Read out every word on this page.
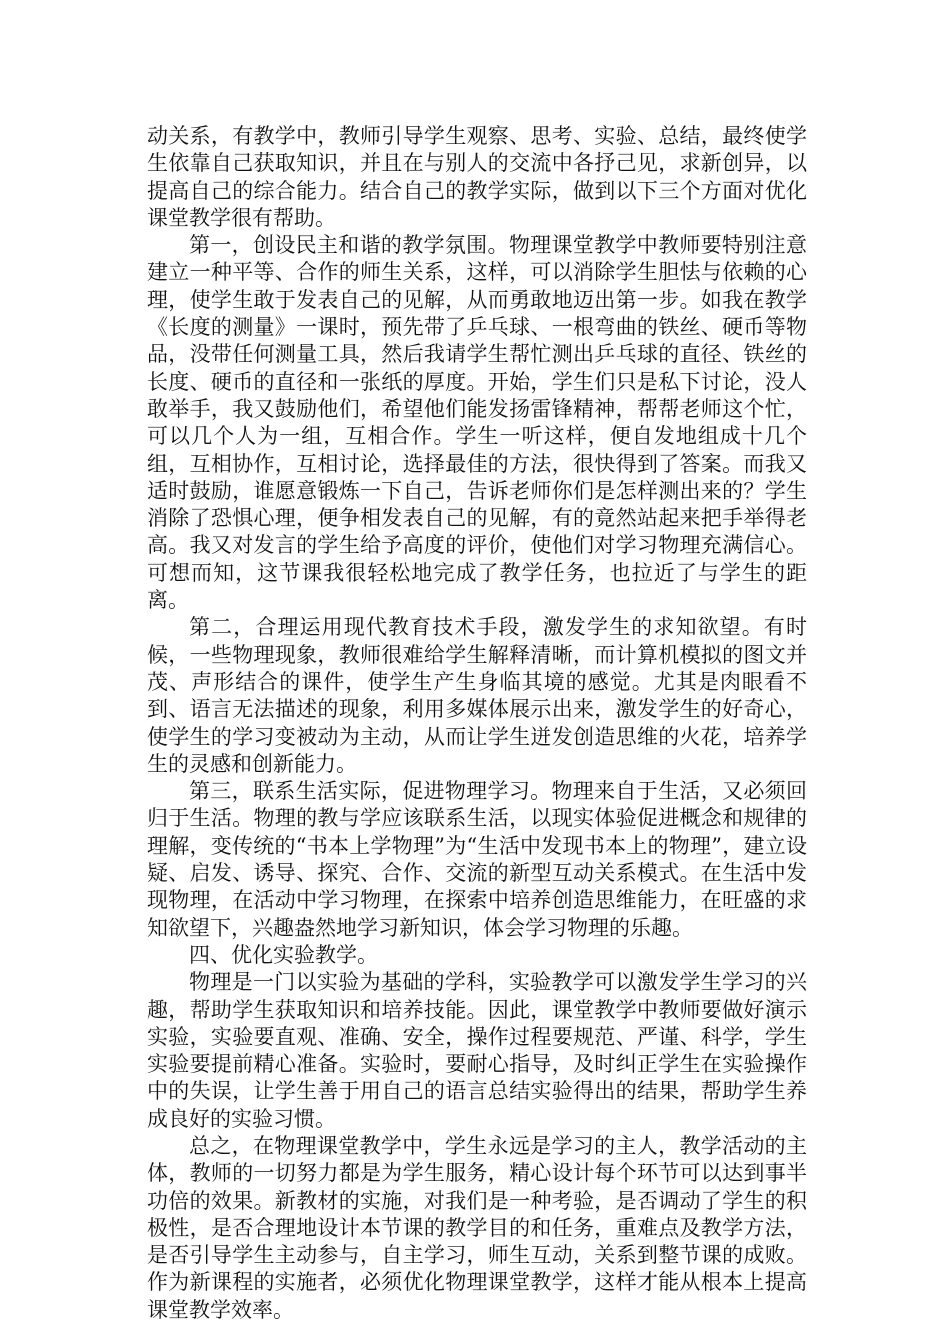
动关系，有教学中，教师引导学生观察、思考、实验、总结，最终使学生依靠自己获取知识，并且在与别人的交流中各抒己见，求新创异，以提高自己的综合能力。结合自己的教学实际，做到以下三个方面对优化课堂教学很有帮助。

第一，创设民主和谐的教学氛围。物理课堂教学中教师要特别注意建立一种平等、合作的师生关系，这样，可以消除学生胆怯与依赖的心理，使学生敢于发表自己的见解，从而勇敢地迈出第一步。如我在教学《长度的测量》一课时，预先带了乒乓球、一根弯曲的铁丝、硬币等物品，没带任何测量工具，然后我请学生帮忙测出乒乓球的直径、铁丝的长度、硬币的直径和一张纸的厚度。开始，学生们只是私下讨论，没人敢举手，我又鼓励他们，希望他们能发扬雷锋精神，帮帮老师这个忙，可以几个人为一组，互相合作。学生一听这样，便自发地组成十几个组，互相协作，互相讨论，选择最佳的方法，很快得到了答案。而我又适时鼓励，谁愿意锻炼一下自己，告诉老师你们是怎样测出来的？学生消除了恐惧心理，便争相发表自己的见解，有的竟然站起来把手举得老高。我又对发言的学生给予高度的评价，使他们对学习物理充满信心。可想而知，这节课我很轻松地完成了教学任务，也拉近了与学生的距离。

第二，合理运用现代教育技术手段，激发学生的求知欲望。有时候，一些物理现象，教师很难给学生解释清晰，而计算机模拟的图文并茂、声形结合的课件，使学生产生身临其境的感觉。尤其是肉眼看不到、语言无法描述的现象，利用多媒体展示出来，激发学生的好奇心，使学生的学习变被动为主动，从而让学生迸发创造思维的火花，培养学生的灵感和创新能力。

第三，联系生活实际，促进物理学习。物理来自于生活，又必须回归于生活。物理的教与学应该联系生活，以现实体验促进概念和规律的理解，变传统的“书本上学物理”为“生活中发现书本上的物理”，建立设疑、启发、诱导、探究、合作、交流的新型互动关系模式。在生活中发现物理，在活动中学习物理，在探索中培养创造思维能力，在旺盛的求知欲望下，兴趣盎然地学习新知识，体会学习物理的乐趣。

四、优化实验教学。

物理是一门以实验为基础的学科，实验教学可以激发学生学习的兴趣，帮助学生获取知识和培养技能。因此，课堂教学中教师要做好演示实验，实验要直观、准确、安全，操作过程要规范、严谨、科学，学生实验要提前精心准备。实验时，要耐心指导，及时纠正学生在实验操作中的失误，让学生善于用自己的语言总结实验得出的结果，帮助学生养成良好的实验习惯。

总之，在物理课堂教学中，学生永远是学习的主人，教学活动的主体，教师的一切努力都是为学生服务，精心设计每个环节可以达到事半功倍的效果。新教材的实施，对我们是一种考验，是否调动了学生的积极性，是否合理地设计本节课的教学目的和任务，重难点及教学方法，是否引导学生主动参与，自主学习，师生互动，关系到整节课的成败。作为新课程的实施者，必须优化物理课堂教学，这样才能从根本上提高课堂教学效率。
